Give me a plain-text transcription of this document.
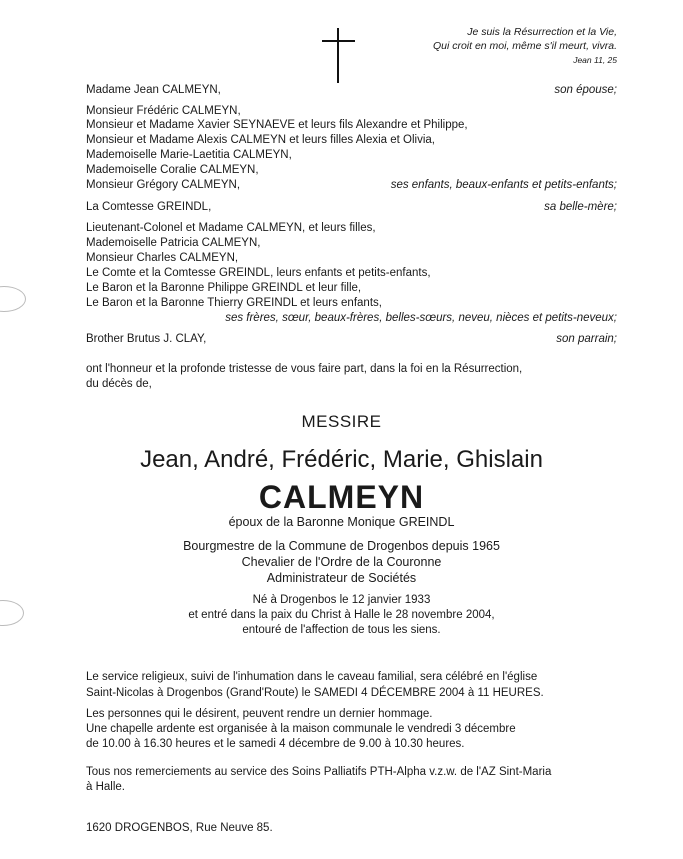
Je suis la Résurrection et la Vie,
Qui croit en moi, même s'il meurt, vivra.
Jean 11, 25
Madame Jean CALMEYN,	son épouse;
Monsieur Frédéric CALMEYN,
Monsieur et Madame Xavier SEYNAEVE et leurs fils Alexandre et Philippe,
Monsieur et Madame Alexis CALMEYN et leurs filles Alexia et Olivia,
Mademoiselle Marie-Laetitia CALMEYN,
Mademoiselle Coralie CALMEYN,
Monsieur Grégory CALMEYN,	ses enfants, beaux-enfants et petits-enfants;
La Comtesse GREINDL,	sa belle-mère;
Lieutenant-Colonel et Madame CALMEYN, et leurs filles,
Mademoiselle Patricia CALMEYN,
Monsieur Charles CALMEYN,
Le Comte et la Comtesse GREINDL, leurs enfants et petits-enfants,
Le Baron et la Baronne Philippe GREINDL et leur fille,
Le Baron et la Baronne Thierry GREINDL et leurs enfants,
ses frères, sœur, beaux-frères, belles-sœurs, neveu, nièces et petits-neveux;
Brother Brutus J. CLAY,	son parrain;
ont l'honneur et la profonde tristesse de vous faire part, dans la foi en la Résurrection,
du décès de,
MESSIRE
Jean, André, Frédéric, Marie, Ghislain
CALMEYN
époux de la Baronne Monique GREINDL
Bourgmestre de la Commune de Drogenbos depuis 1965
Chevalier de l'Ordre de la Couronne
Administrateur de Sociétés
Né à Drogenbos le 12 janvier 1933
et entré dans la paix du Christ à Halle le 28 novembre 2004,
entouré de l'affection de tous les siens.
Le service religieux, suivi de l'inhumation dans le caveau familial, sera célébré en l'église
Saint-Nicolas à Drogenbos (Grand'Route) le SAMEDI 4 DÉCEMBRE 2004 à 11 HEURES.
Les personnes qui le désirent, peuvent rendre un dernier hommage.
Une chapelle ardente est organisée à la maison communale le vendredi 3 décembre
de 10.00 à 16.30 heures et le samedi 4 décembre de 9.00 à 10.30 heures.
Tous nos remerciements au service des Soins Palliatifs PTH-Alpha v.z.w. de l'AZ Sint-Maria
à Halle.
1620 DROGENBOS, Rue Neuve 85.
